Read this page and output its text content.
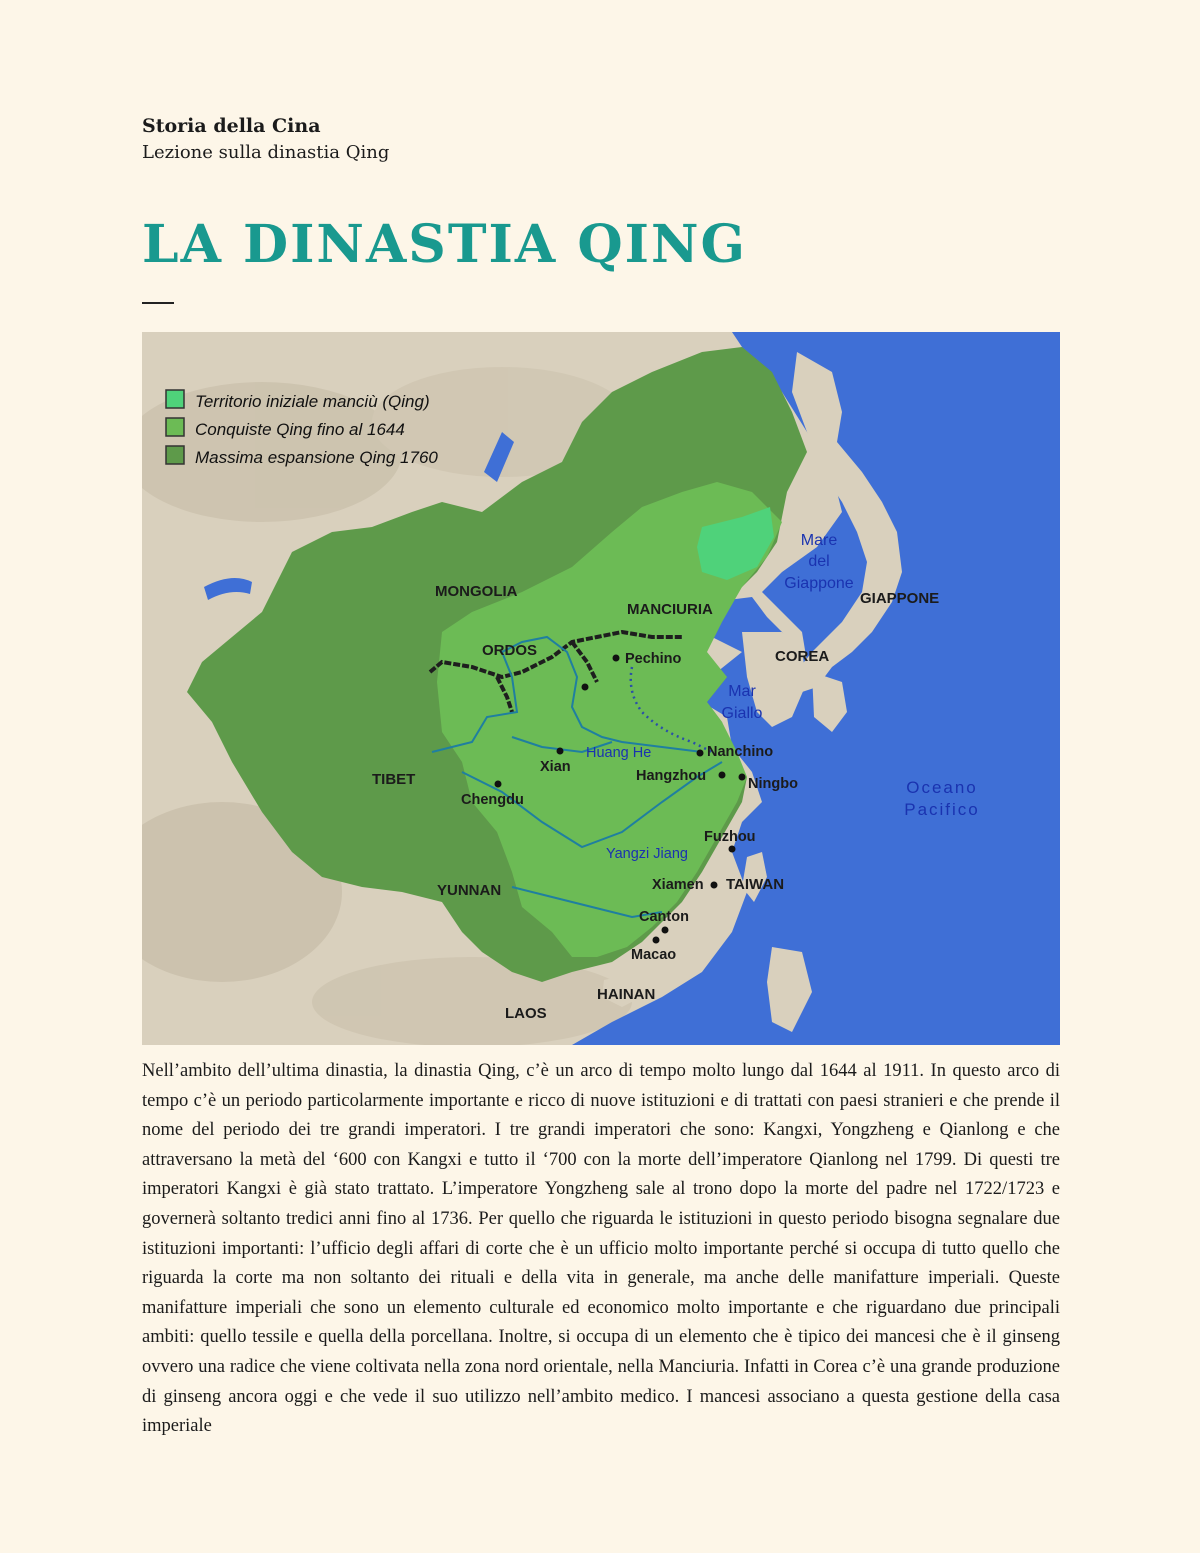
Storia della Cina
Lezione sulla dinastia Qing
LA DINASTIA QING
Territorio iniziale manciù (Qing)
Conquiste Qing fino al 1644
Massima espansione Qing 1760
MONGOLIA
MANCIURIA
ORDOS
TIBET
YUNNAN
LAOS
HAINAN
COREA
GIAPPONE
TAIWAN
Pechino
Xian
Chengdu
Nanchino
Hangzhou	Ningbo
Fuzhou
Xiamen
Canton
Macao
Huang He
Yangzi Jiang
Mare
del
Giappone
Mar
Giallo
Oceano
Pacifico

Nell’ambito dell’ultima dinastia, la dinastia Qing, c’è un arco di tempo molto lungo dal 1644 al 1911. In questo arco di tempo c’è un periodo particolarmente importante e ricco di nuove istituzioni e di trattati con paesi stranieri e che prende il nome del periodo dei tre grandi imperatori. I tre grandi imperatori che sono: Kangxi, Yongzheng e Qianlong e che attraversano la metà del ‘600 con Kangxi e tutto il ‘700 con la morte dell’imperatore Qianlong nel 1799. Di questi tre imperatori Kangxi è già stato trattato. L’imperatore Yongzheng sale al trono dopo la morte del padre nel 1722/1723 e governerà soltanto tredici anni fino al 1736. Per quello che riguarda le istituzioni in questo periodo bisogna segnalare due istituzioni importanti: l’ufficio degli affari di corte che è un ufficio molto importante perché si occupa di tutto quello che riguarda la corte ma non soltanto dei rituali e della vita in generale, ma anche delle manifatture imperiali. Queste manifatture imperiali che sono un elemento culturale ed economico molto importante e che riguardano due principali ambiti: quello tessile e quella della porcellana. Inoltre, si occupa di un elemento che è tipico dei mancesi che è il ginseng ovvero una radice che viene coltivata nella zona nord orientale, nella Manciuria. Infatti in Corea c’è una grande produzione di ginseng ancora oggi e che vede il suo utilizzo nell’ambito medico. I mancesi associano a questa gestione della casa imperiale
